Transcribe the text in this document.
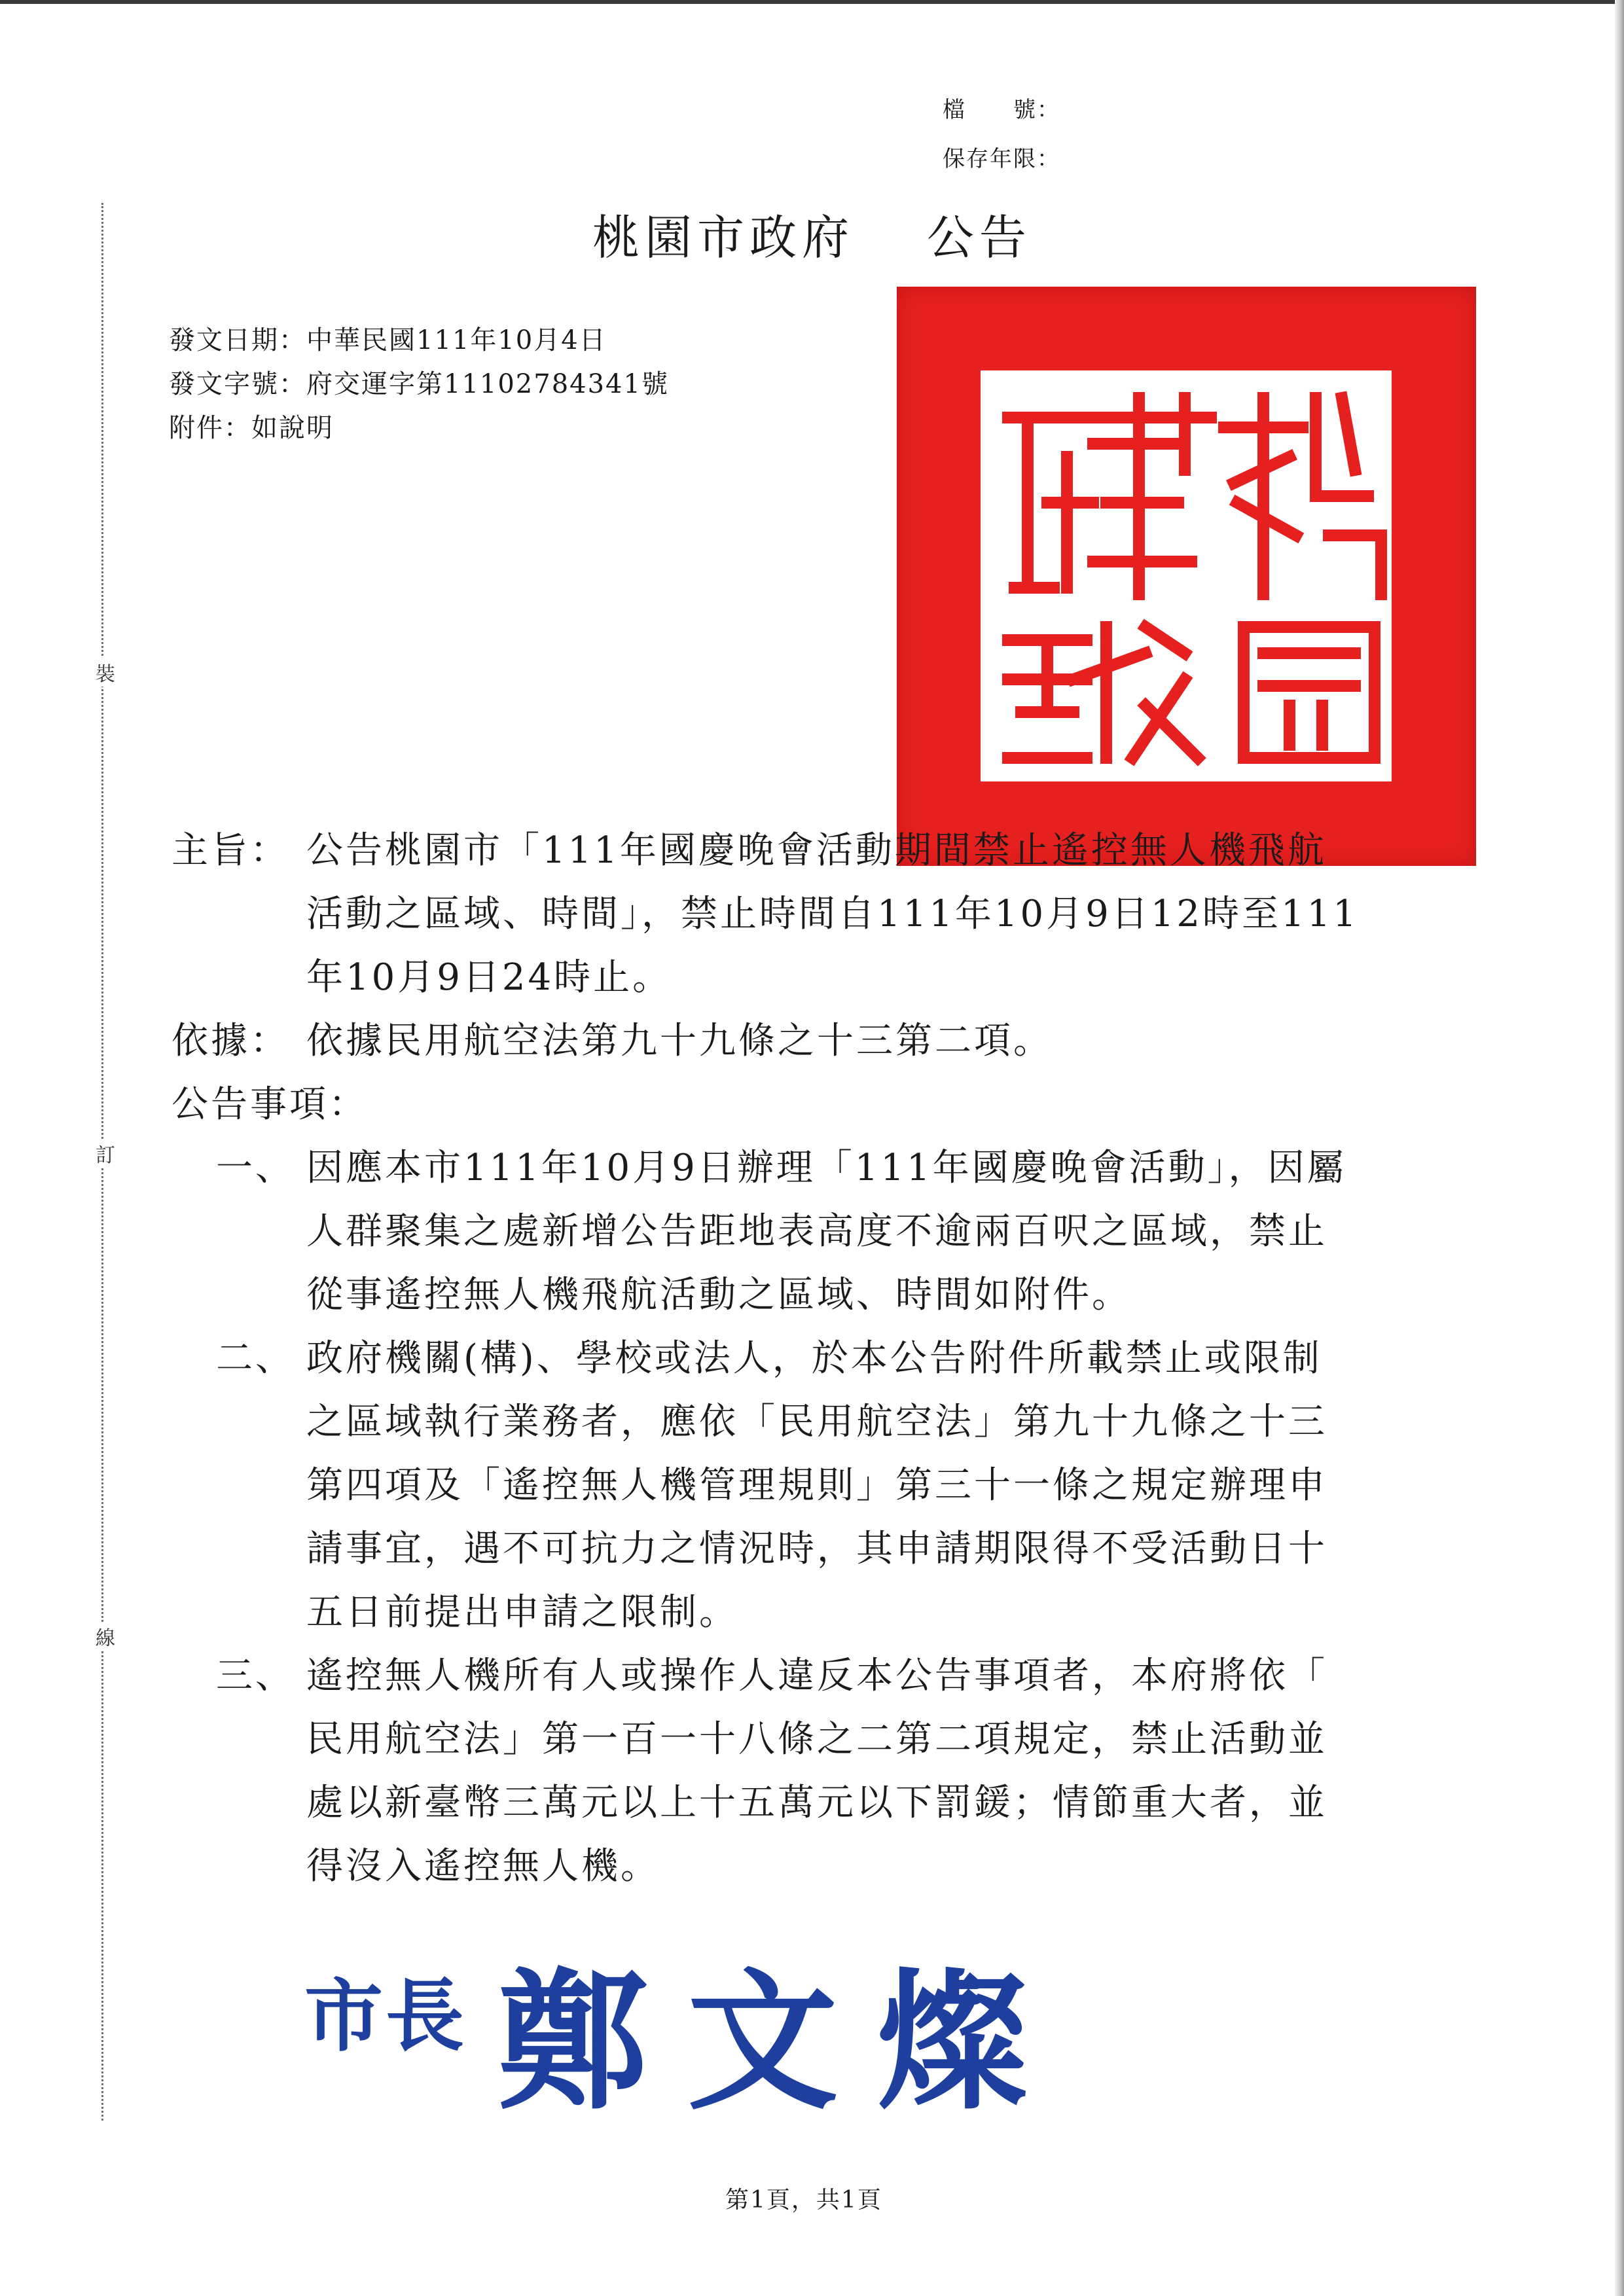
裝
訂
線
檔　　號：
保存年限：
桃園市政府　 公告
發文日期：中華民國111年10月4日
發文字號：府交運字第11102784341號
附件：如說明
主旨： 公告桃園市「111年國慶晚會活動期間禁止遙控無人機飛航
活動之區域、時間」，禁止時間自111年10月9日12時至111
年10月9日24時止。
依據： 依據民用航空法第九十九條之十三第二項。
公告事項：
一、 因應本市111年10月9日辦理「111年國慶晚會活動」，因屬
人群聚集之處新增公告距地表高度不逾兩百呎之區域，禁止
從事遙控無人機飛航活動之區域、時間如附件。
二、 政府機關(構)、學校或法人，於本公告附件所載禁止或限制
之區域執行業務者，應依「民用航空法」第九十九條之十三
第四項及「遙控無人機管理規則」第三十一條之規定辦理申
請事宜，遇不可抗力之情況時，其申請期限得不受活動日十
五日前提出申請之限制。
三、 遙控無人機所有人或操作人違反本公告事項者，本府將依「
民用航空法」第一百一十八條之二第二項規定，禁止活動並
處以新臺幣三萬元以上十五萬元以下罰鍰；情節重大者，並
得沒入遙控無人機。
市長 鄭文燦
第1頁，共1頁
